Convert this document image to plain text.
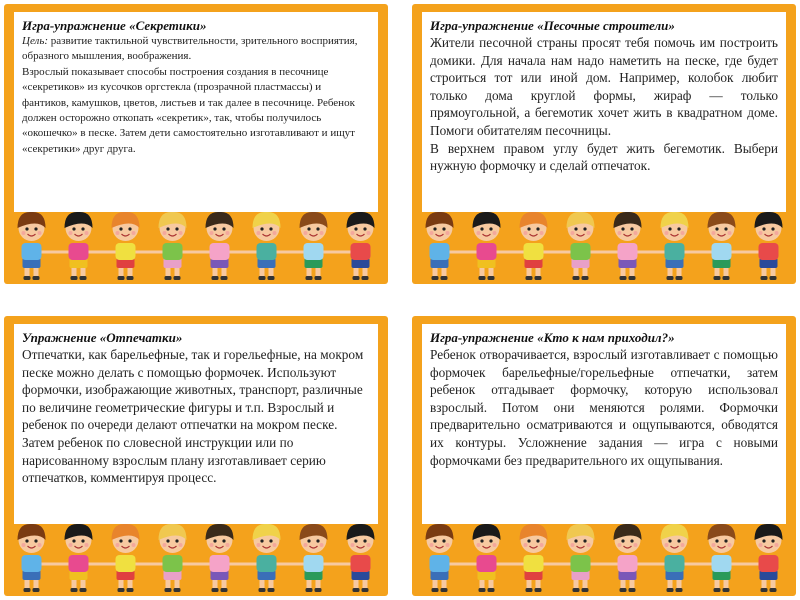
Игра-упражнение «Секретики»

Цель: развитие тактильной чувствительности, зрительного восприятия, образного мышления, воображения.

Взрослый показывает способы построения создания в песочнице «секретиков» из кусочков оргстекла (прозрачной пластмассы) и фантиков, камушков, цветов, листьев и так далее в песочнице. Ребенок должен осторожно откопать «секретик», так, чтобы получилось «окошечко» в песке. Затем дети самостоятельно изготавливают и ищут «секретики» друг друга.

Игра-упражнение «Песочные строители»

Жители песочной страны просят тебя помочь им построить домики. Для начала нам надо наметить на песке, где будет строиться тот или иной дом. Например, колобок любит только дома круглой формы, жираф — только прямоугольной, а бегемотик хочет жить в квадратном доме. Помоги обитателям песочницы.

В верхнем правом углу будет жить бегемотик. Выбери нужную формочку и сделай отпечаток.

Упражнение «Отпечатки»

Отпечатки, как барельефные, так и горельефные, на мокром песке можно делать с помощью формочек. Используют формочки, изображающие животных, транспорт, различные по величине геометрические фигуры и т.п. Взрослый и ребенок по очереди делают отпечатки на мокром песке. Затем ребенок по словесной инструкции или по нарисованному взрослым плану изготавливает серию отпечатков, комментируя процесс.

Игра-упражнение «Кто к нам приходил?»

Ребенок отворачивается, взрослый изготавливает с помощью формочек барельефные/горельефные отпечатки, затем ребенок отгадывает формочку, которую использовал взрослый. Потом они меняются ролями. Формочки предварительно осматриваются и ощупываются, обводятся их контуры. Усложнение задания — игра с новыми формочками без предварительного их ощупывания.
